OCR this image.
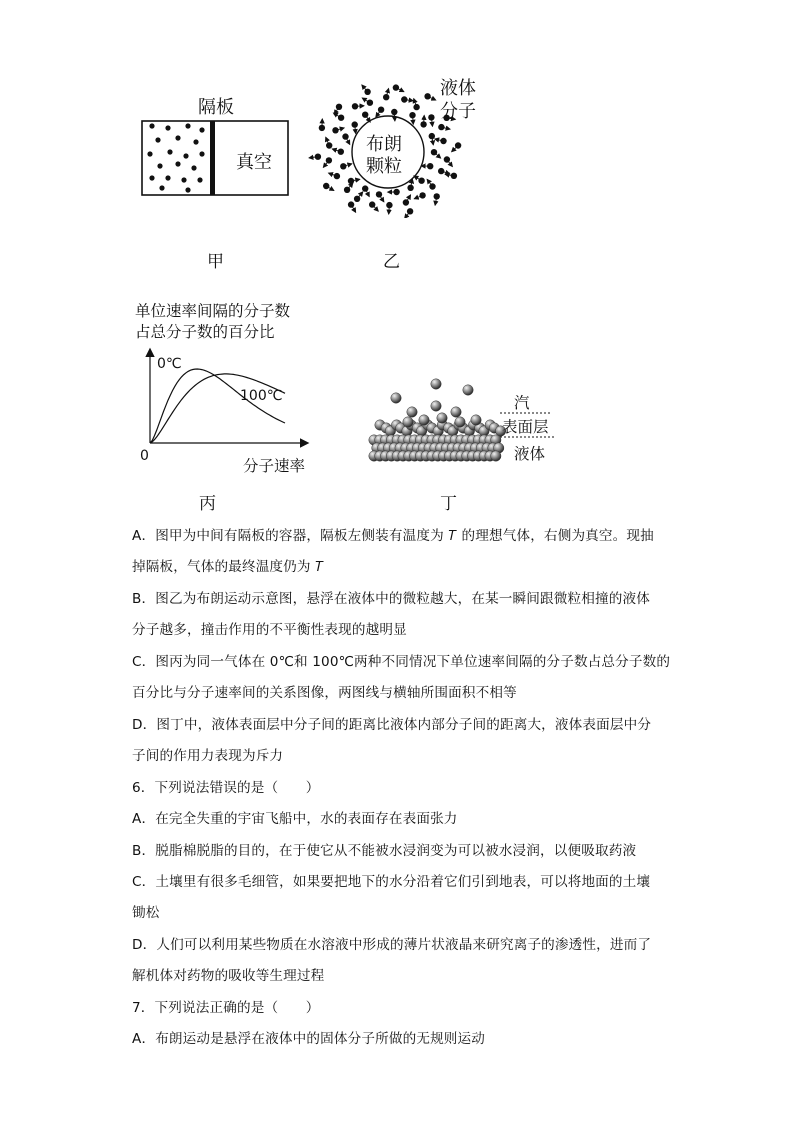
隔板
真空
甲
布朗
颗粒
液体
分子
乙
单位速率间隔的分子数
占总分子数的百分比
0℃
100℃
0
分子速率
丙
汽
表面层
液体
丁
A．图甲为中间有隔板的容器，隔板左侧装有温度为 𝑇 的理想气体，右侧为真空。现抽
掉隔板，气体的最终温度仍为 𝑇
B．图乙为布朗运动示意图，悬浮在液体中的微粒越大，在某一瞬间跟微粒相撞的液体
分子越多，撞击作用的不平衡性表现的越明显
C．图丙为同一气体在 0℃和 100℃两种不同情况下单位速率间隔的分子数占总分子数的
百分比与分子速率间的关系图像，两图线与横轴所围面积不相等
D．图丁中，液体表面层中分子间的距离比液体内部分子间的距离大，液体表面层中分
子间的作用力表现为斥力
6．下列说法错误的是（　　）
A．在完全失重的宇宙飞船中，水的表面存在表面张力
B．脱脂棉脱脂的目的，在于使它从不能被水浸润变为可以被水浸润，以便吸取药液
C．土壤里有很多毛细管，如果要把地下的水分沿着它们引到地表，可以将地面的土壤
锄松
D．人们可以利用某些物质在水溶液中形成的薄片状液晶来研究离子的渗透性，进而了
解机体对药物的吸收等生理过程
7．下列说法正确的是（　　）
A．布朗运动是悬浮在液体中的固体分子所做的无规则运动
